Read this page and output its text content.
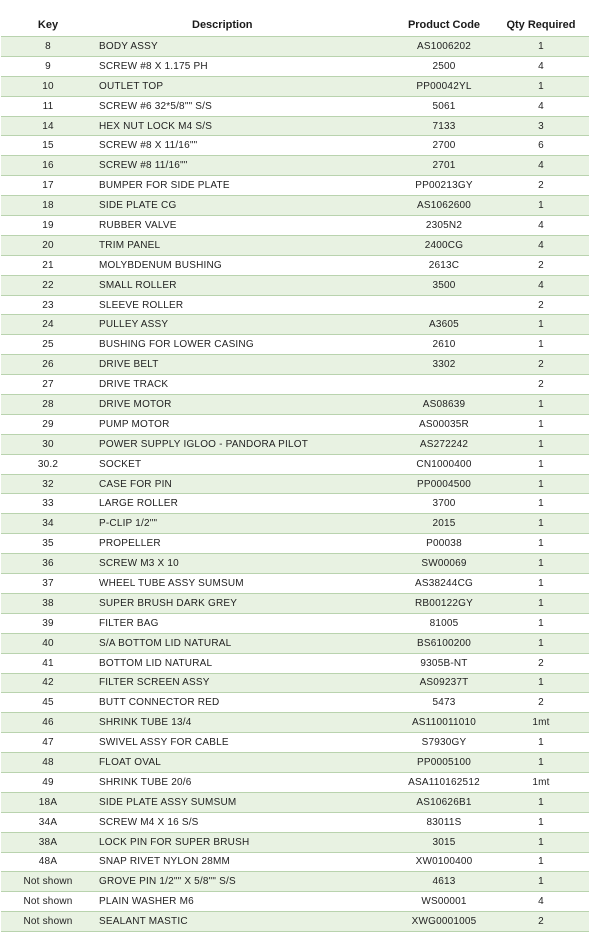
Key	Description	Product Code	Qty Required
8	BODY ASSY	AS1006202	1
9	SCREW #8 X 1.175 PH	2500	4
10	OUTLET TOP	PP00042YL	1
11	SCREW #6 32*5/8"" S/S	5061	4
14	HEX NUT LOCK M4 S/S	7133	3
15	SCREW #8 X 11/16""	2700	6
16	SCREW #8 11/16""	2701	4
17	BUMPER FOR SIDE PLATE	PP00213GY	2
18	SIDE PLATE CG	AS1062600	1
19	RUBBER VALVE	2305N2	4
20	TRIM PANEL	2400CG	4
21	MOLYBDENUM BUSHING	2613C	2
22	SMALL ROLLER	3500	4
23	SLEEVE ROLLER		2
24	PULLEY ASSY	A3605	1
25	BUSHING FOR LOWER CASING	2610	1
26	DRIVE BELT	3302	2
27	DRIVE TRACK		2
28	DRIVE MOTOR	AS08639	1
29	PUMP MOTOR	AS00035R	1
30	POWER SUPPLY IGLOO - PANDORA PILOT	AS272242	1
30.2	SOCKET	CN1000400	1
32	CASE FOR PIN	PP0004500	1
33	LARGE ROLLER	3700	1
34	P-CLIP 1/2""	2015	1
35	PROPELLER	P00038	1
36	SCREW M3 X 10	SW00069	1
37	WHEEL TUBE ASSY SUMSUM	AS38244CG	1
38	SUPER BRUSH DARK GREY	RB00122GY	1
39	FILTER BAG	81005	1
40	S/A BOTTOM LID NATURAL	BS6100200	1
41	BOTTOM LID NATURAL	9305B-NT	2
42	FILTER SCREEN ASSY	AS09237T	1
45	BUTT CONNECTOR RED	5473	2
46	SHRINK TUBE 13/4	AS110011010	1mt
47	SWIVEL ASSY FOR CABLE	S7930GY	1
48	FLOAT OVAL	PP0005100	1
49	SHRINK TUBE 20/6	ASA110162512	1mt
18A	SIDE PLATE ASSY SUMSUM	AS10626B1	1
34A	SCREW M4 X 16 S/S	83011S	1
38A	LOCK PIN FOR SUPER BRUSH	3015	1
48A	SNAP RIVET NYLON 28MM	XW0100400	1
Not shown	GROVE PIN 1/2"" X 5/8"" S/S	4613	1
Not shown	PLAIN WASHER M6	WS00001	4
Not shown	SEALANT MASTIC	XWG0001005	2
